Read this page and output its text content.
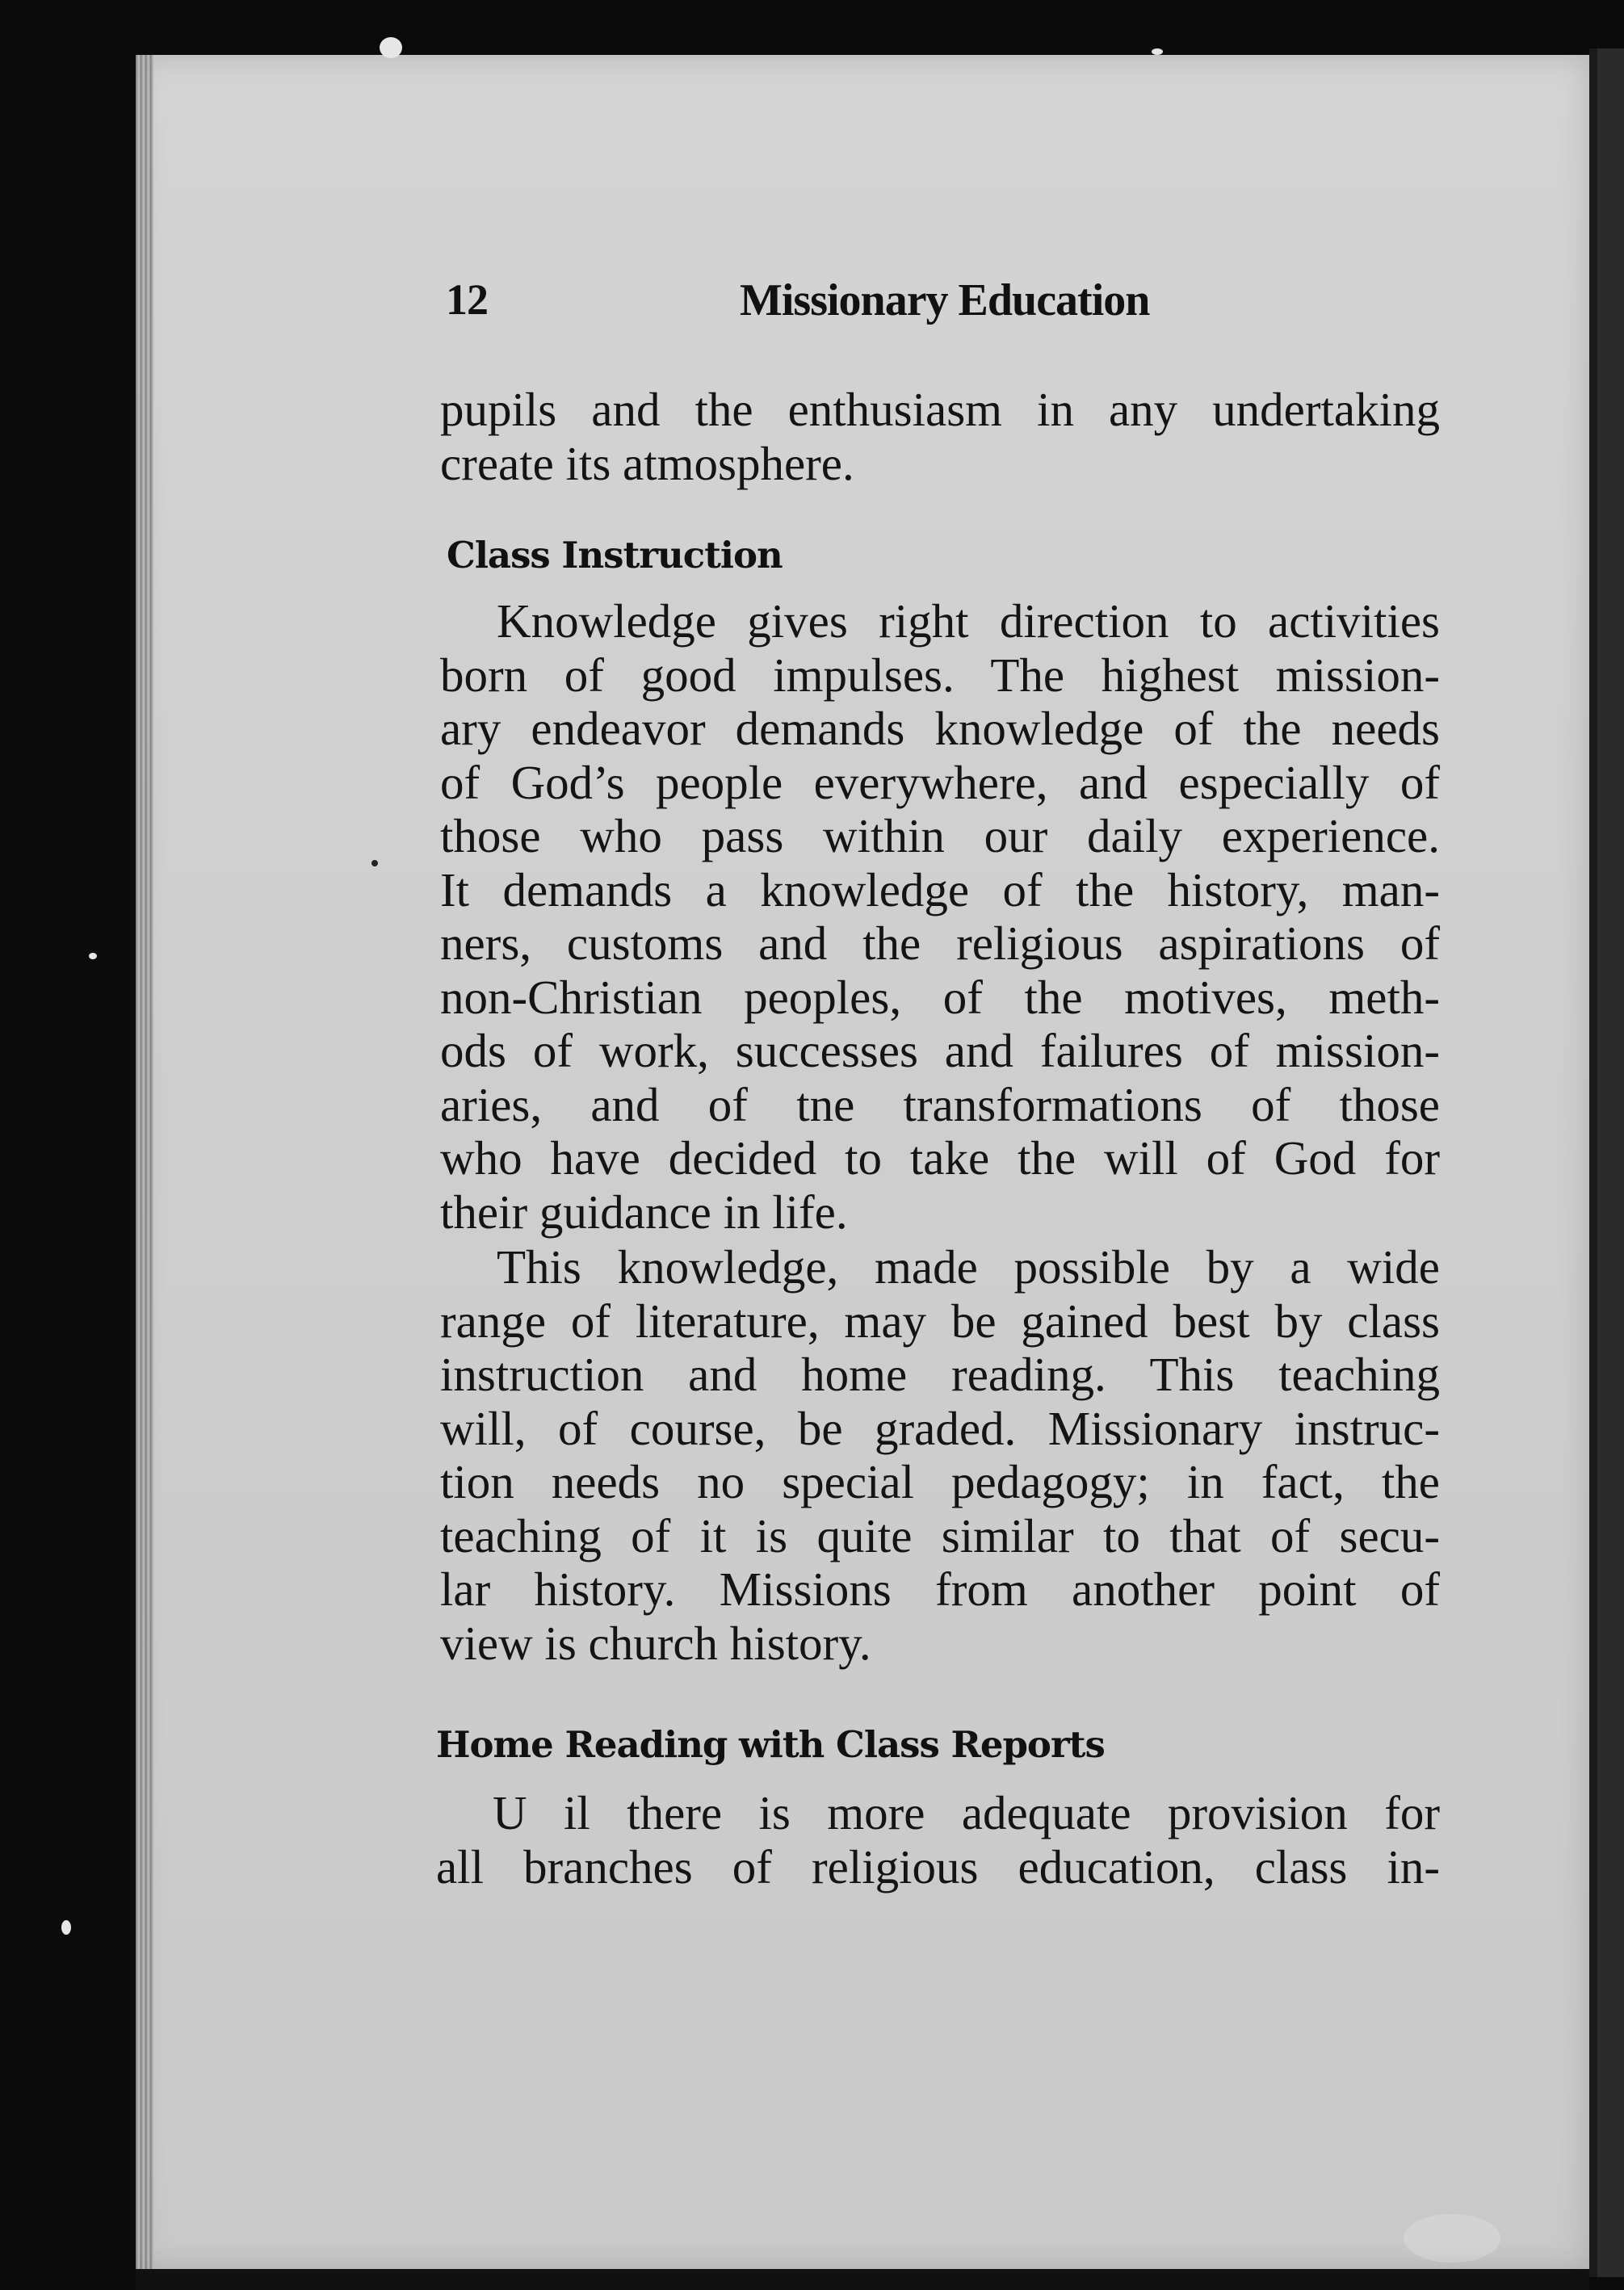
12	Missionary Education
pupils and the enthusiasm in any undertaking
create its atmosphere.
Class Instruction
Knowledge gives right direction to activities
born of good impulses. The highest mission-
ary endeavor demands knowledge of the needs
of God’s people everywhere, and especially of
those who pass within our daily experience.
It demands a knowledge of the history, man-
ners, customs and the religious aspirations of
non-Christian peoples, of the motives, meth-
ods of work, successes and failures of mission-
aries, and of tne transformations of those
who have decided to take the will of God for
their guidance in life.
This knowledge, made possible by a wide
range of literature, may be gained best by class
instruction and home reading. This teaching
will, of course, be graded. Missionary instruc-
tion needs no special pedagogy; in fact, the
teaching of it is quite similar to that of secu-
lar history. Missions from another point of
view is church history.
Home Reading with Class Reports
U il there is more adequate provision for
all branches of religious education, class in-
